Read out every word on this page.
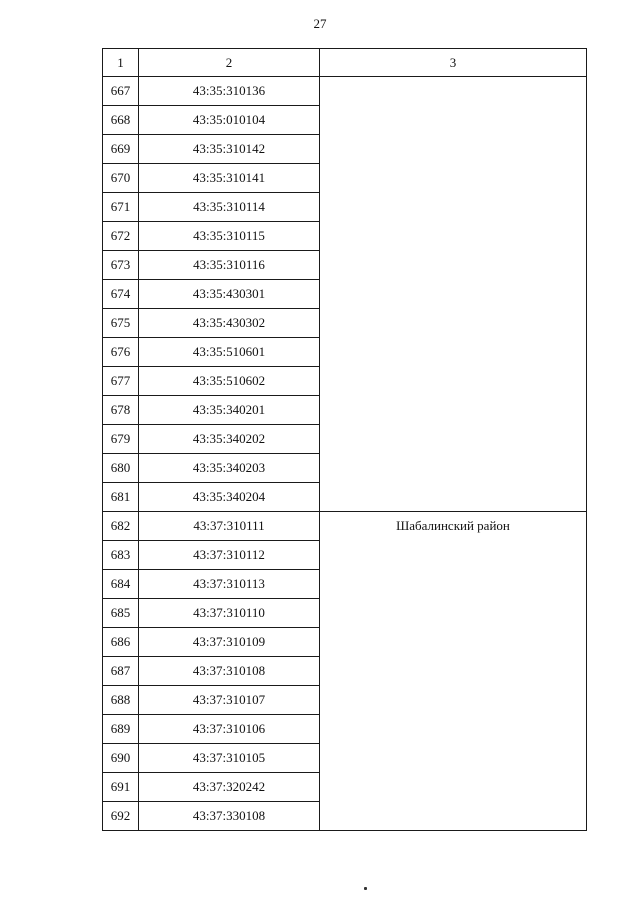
27
1	2	3
667	43:35:310136	
668	43:35:010104	
669	43:35:310142	
670	43:35:310141	
671	43:35:310114	
672	43:35:310115	
673	43:35:310116	
674	43:35:430301	
675	43:35:430302	
676	43:35:510601	
677	43:35:510602	
678	43:35:340201	
679	43:35:340202	
680	43:35:340203	
681	43:35:340204	
682	43:37:310111	Шабалинский район
683	43:37:310112	
684	43:37:310113	
685	43:37:310110	
686	43:37:310109	
687	43:37:310108	
688	43:37:310107	
689	43:37:310106	
690	43:37:310105	
691	43:37:320242	
692	43:37:330108	
